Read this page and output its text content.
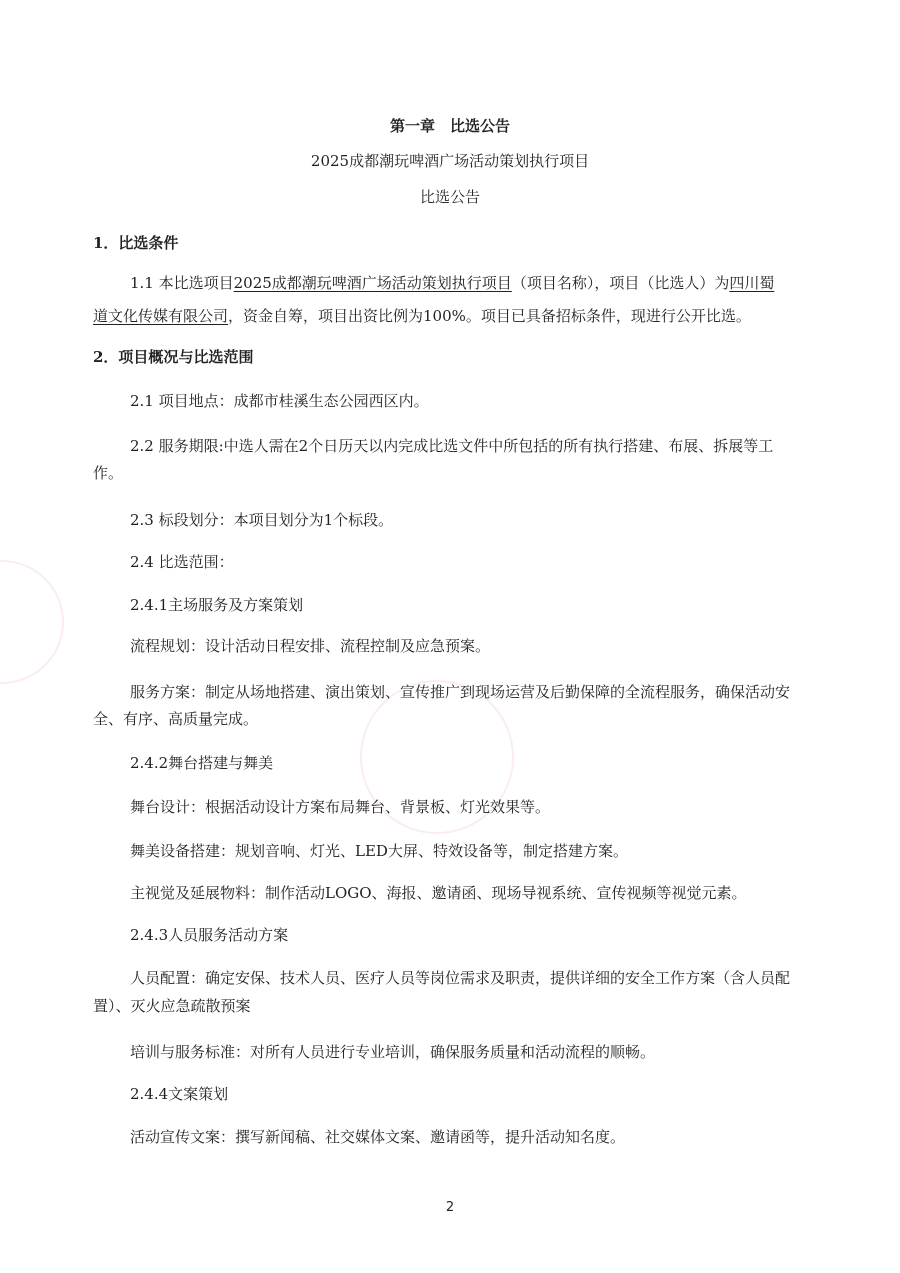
第一章　比选公告
2025成都潮玩啤酒广场活动策划执行项目
比选公告
1．比选条件
1.1 本比选项目2025成都潮玩啤酒广场活动策划执行项目（项目名称），项目（比选人）为四川蜀
道文化传媒有限公司，资金自筹，项目出资比例为100%。项目已具备招标条件，现进行公开比选。
2．项目概况与比选范围
2.1 项目地点：成都市桂溪生态公园西区内。
2.2 服务期限:中选人需在2个日历天以内完成比选文件中所包括的所有执行搭建、布展、拆展等工
作。
2.3 标段划分：本项目划分为1个标段。
2.4 比选范围：
2.4.1主场服务及方案策划
流程规划：设计活动日程安排、流程控制及应急预案。
服务方案：制定从场地搭建、演出策划、宣传推广到现场运营及后勤保障的全流程服务，确保活动安
全、有序、高质量完成。
2.4.2舞台搭建与舞美
舞台设计：根据活动设计方案布局舞台、背景板、灯光效果等。
舞美设备搭建：规划音响、灯光、LED大屏、特效设备等，制定搭建方案。
主视觉及延展物料：制作活动LOGO、海报、邀请函、现场导视系统、宣传视频等视觉元素。
2.4.3人员服务活动方案
人员配置：确定安保、技术人员、医疗人员等岗位需求及职责，提供详细的安全工作方案（含人员配
置）、灭火应急疏散预案
培训与服务标准：对所有人员进行专业培训，确保服务质量和活动流程的顺畅。
2.4.4文案策划
活动宣传文案：撰写新闻稿、社交媒体文案、邀请函等，提升活动知名度。
2
